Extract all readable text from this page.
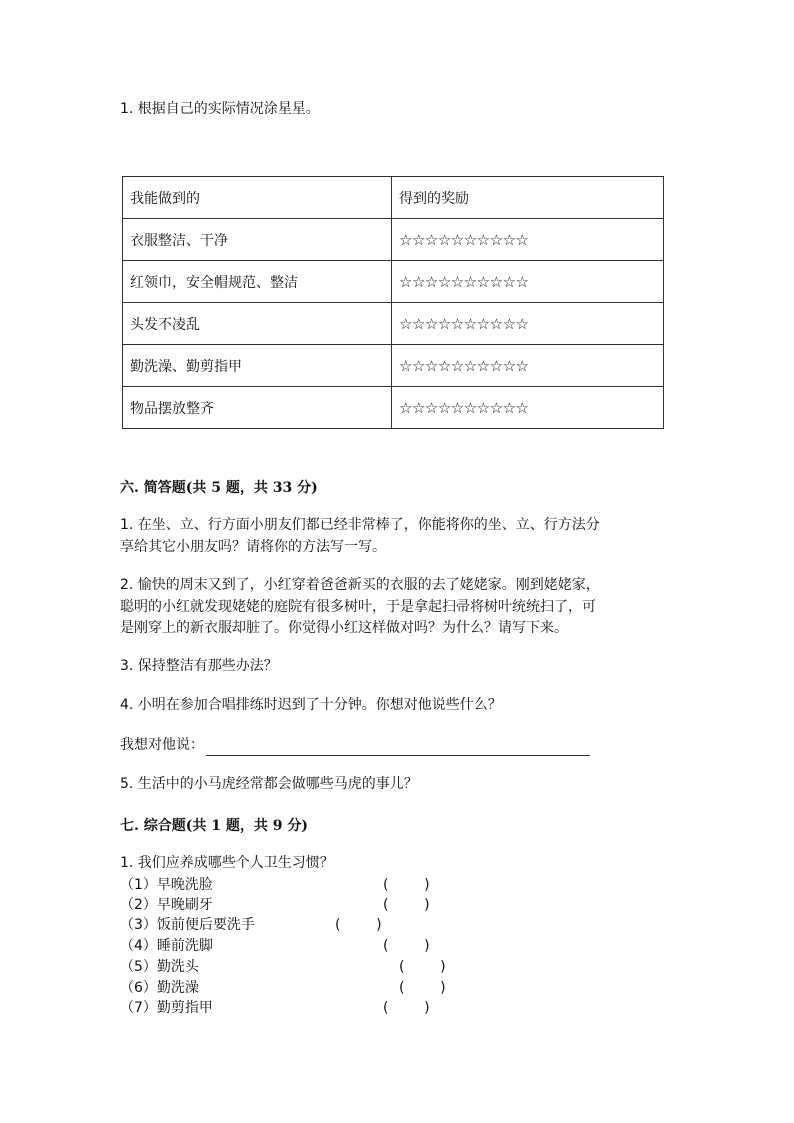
1. 根据自己的实际情况涂星星。
我能做到的	得到的奖励
衣服整洁、干净	☆☆☆☆☆☆☆☆☆☆
红领巾，安全帽规范、整洁	☆☆☆☆☆☆☆☆☆☆
头发不凌乱	☆☆☆☆☆☆☆☆☆☆
勤洗澡、勤剪指甲	☆☆☆☆☆☆☆☆☆☆
物品摆放整齐	☆☆☆☆☆☆☆☆☆☆
六. 简答题(共 5 题，共 33 分)
1. 在坐、立、行方面小朋友们都已经非常棒了，你能将你的坐、立、行方法分
享给其它小朋友吗？请将你的方法写一写。
2. 愉快的周末又到了，小红穿着爸爸新买的衣服的去了姥姥家。刚到姥姥家，
聪明的小红就发现姥姥的庭院有很多树叶，于是拿起扫帚将树叶统统扫了，可
是刚穿上的新衣服却脏了。你觉得小红这样做对吗？为什么？请写下来。
3. 保持整洁有那些办法？
4. 小明在参加合唱排练时迟到了十分钟。你想对他说些什么？
我想对他说：
5. 生活中的小马虎经常都会做哪些马虎的事儿？
七. 综合题(共 1 题，共 9 分)
1. 我们应养成哪些个人卫生习惯？
（1）早晚洗脸	(        )
（2）早晚刷牙	(        )
（3）饭前便后要洗手	(        )
（4）睡前洗脚	(        )
（5）勤洗头	(        )
（6）勤洗澡	(        )
（7）勤剪指甲	(        )
